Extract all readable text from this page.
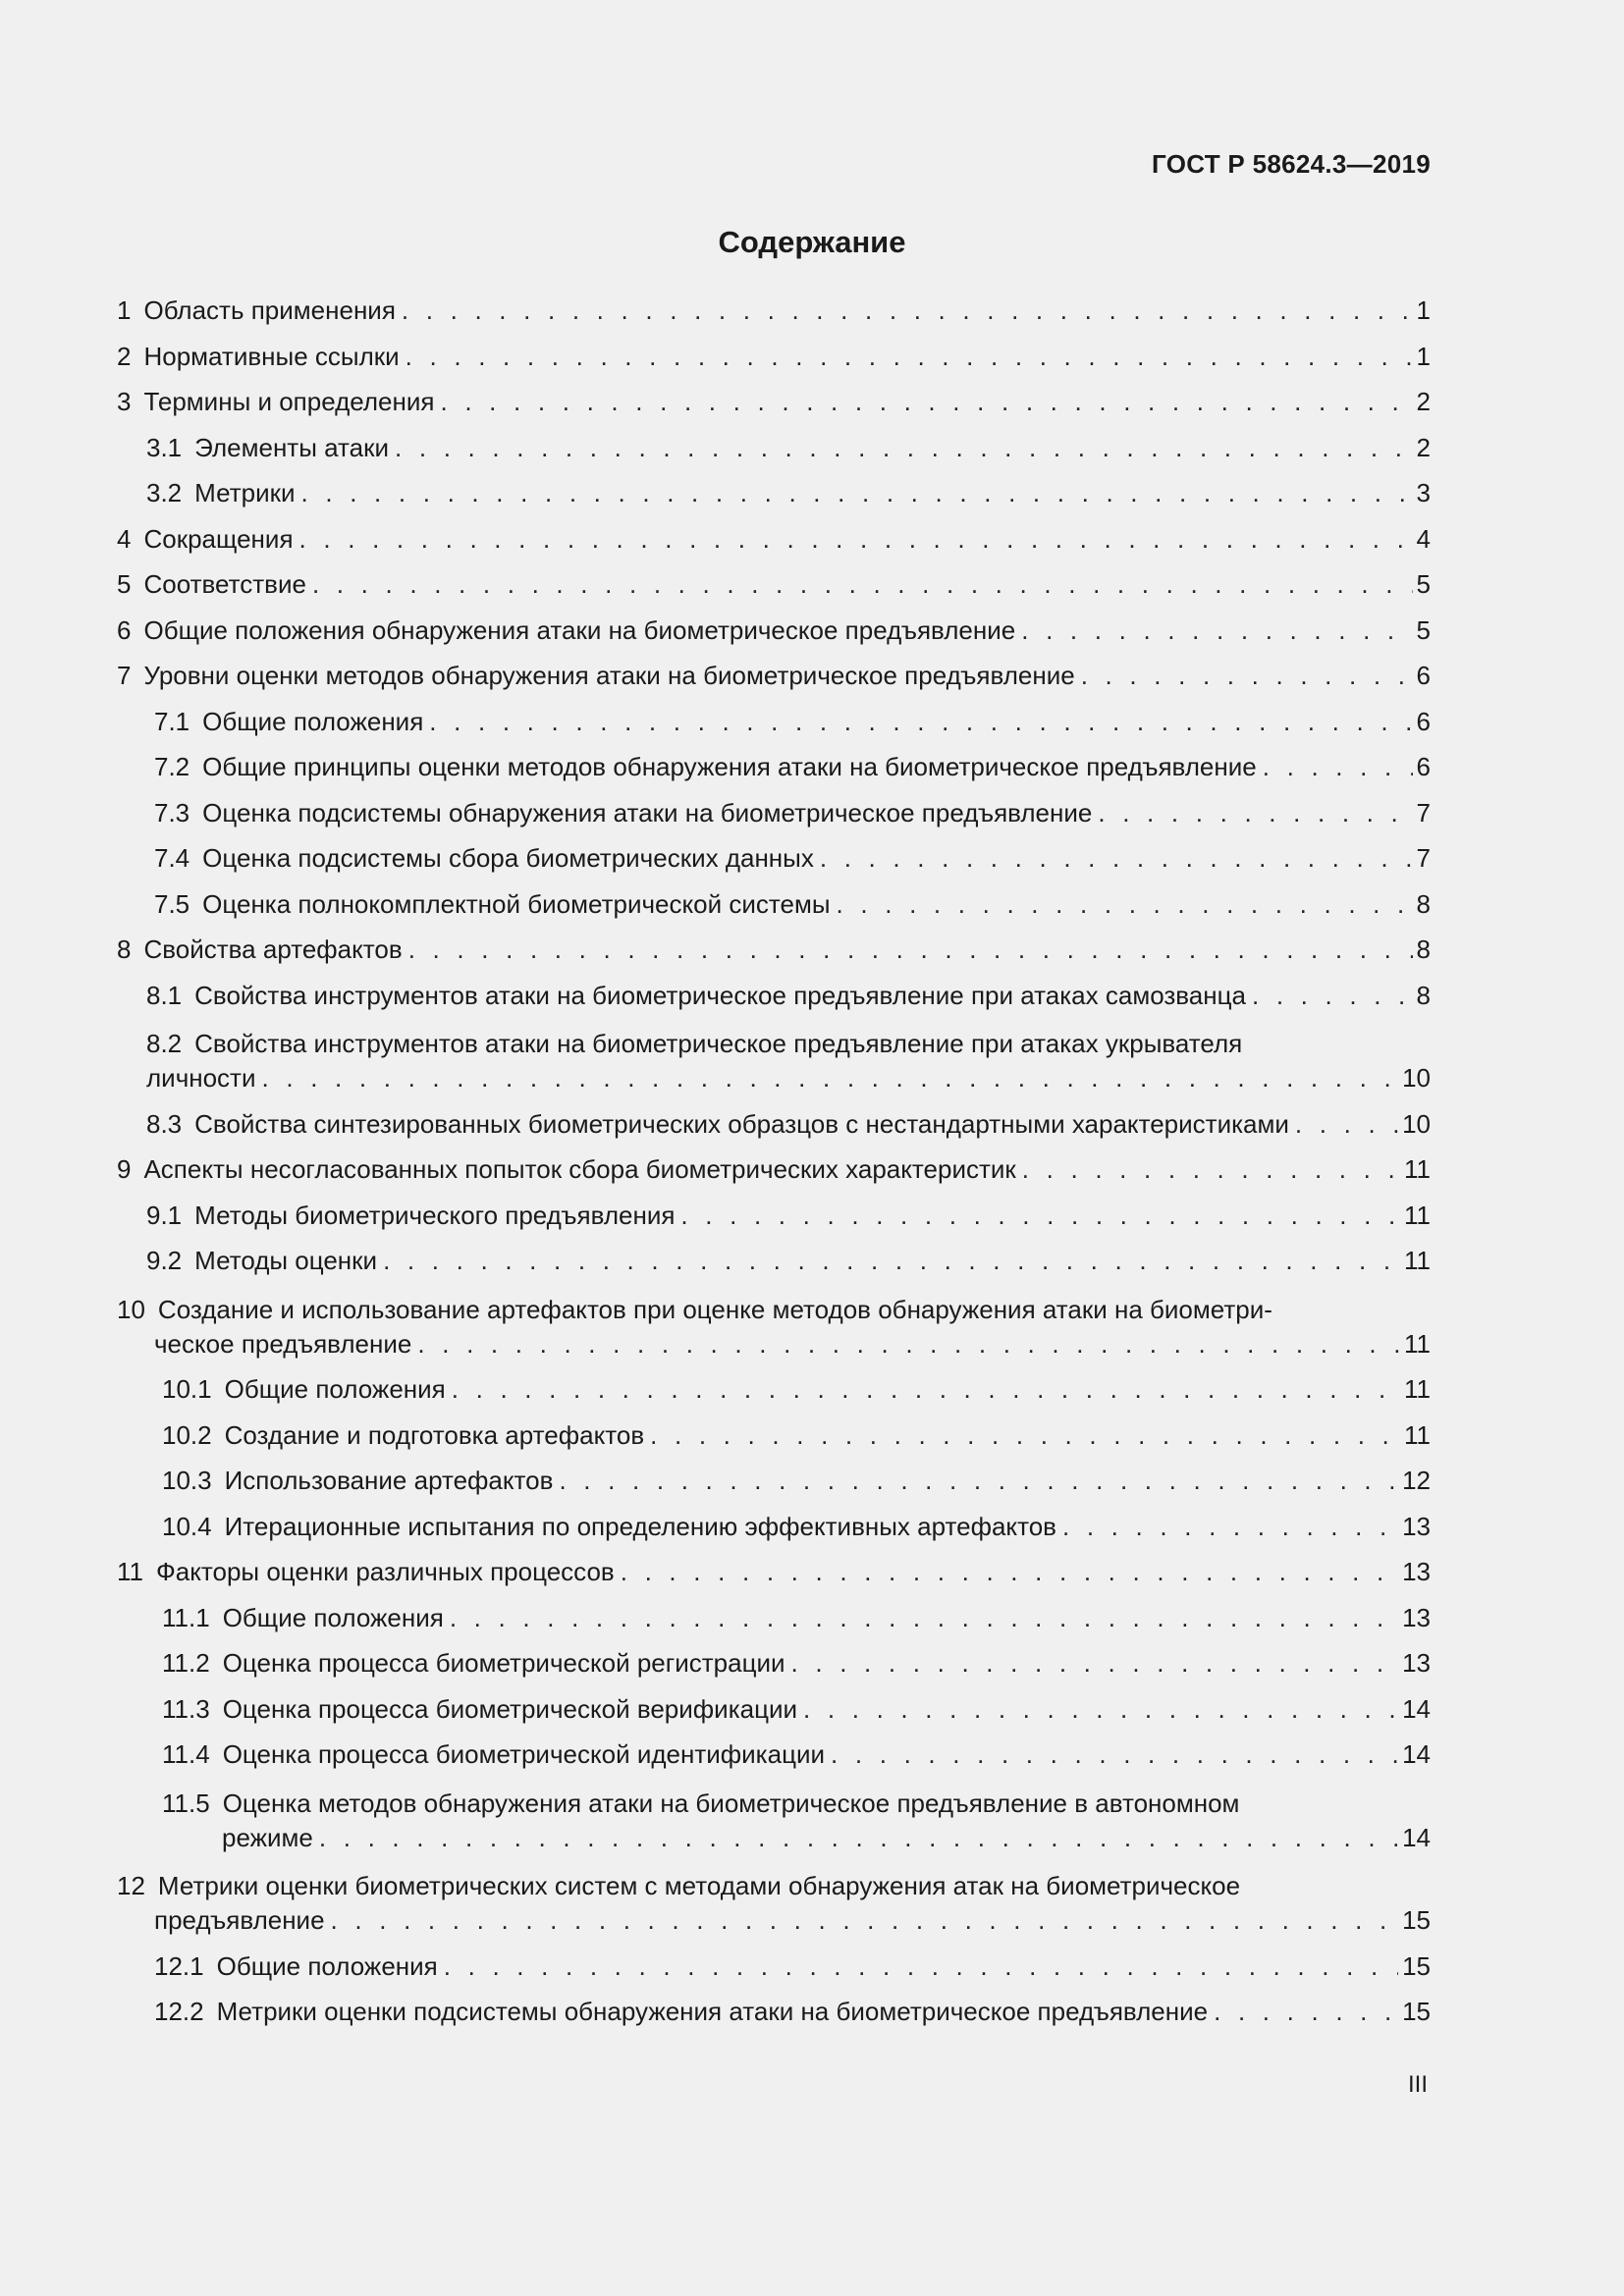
ГОСТ Р 58624.3—2019
Содержание
1  Область применения . . .	1
2  Нормативные ссылки . . .	1
3  Термины и определения . . .	2
3.1  Элементы атаки . . .	2
3.2  Метрики . . .	3
4  Сокращения . . .	4
5  Соответствие . . .	5
6  Общие положения обнаружения атаки на биометрическое предъявление . . .	5
7  Уровни оценки методов обнаружения атаки на биометрическое предъявление . . .	6
7.1  Общие положения . . .	6
7.2  Общие принципы оценки методов обнаружения атаки на биометрическое предъявление . . .	6
7.3  Оценка подсистемы обнаружения атаки на биометрическое предъявление . . .	7
7.4  Оценка подсистемы сбора биометрических данных . . .	7
7.5  Оценка полнокомплектной биометрической системы . . .	8
8  Свойства артефактов . . .	8
8.1  Свойства инструментов атаки на биометрическое предъявление при атаках самозванца . . .	8
8.2  Свойства инструментов атаки на биометрическое предъявление при атаках укрывателя
личности . . .	10
8.3  Свойства синтезированных биометрических образцов с нестандартными характеристиками . . .	10
9  Аспекты несогласованных попыток сбора биометрических характеристик . . .	11
9.1  Методы биометрического предъявления . . .	11
9.2  Методы оценки . . .	11
10  Создание и использование артефактов при оценке методов обнаружения атаки на биометри-
ческое предъявление . . .	11
10.1  Общие положения . . .	11
10.2  Создание и подготовка артефактов . . .	11
10.3  Использование артефактов . . .	12
10.4  Итерационные испытания по определению эффективных артефактов . . .	13
11  Факторы оценки различных процессов . . .	13
11.1  Общие положения . . .	13
11.2  Оценка процесса биометрической регистрации . . .	13
11.3  Оценка процесса биометрической верификации . . .	14
11.4  Оценка процесса биометрической идентификации . . .	14
11.5  Оценка методов обнаружения атаки на биометрическое предъявление в автономном
режиме . . .	14
12  Метрики оценки биометрических систем с методами обнаружения атак на биометрическое
предъявление . . .	15
12.1  Общие положения . . .	15
12.2  Метрики оценки подсистемы обнаружения атаки на биометрическое предъявление . . .	15
III
